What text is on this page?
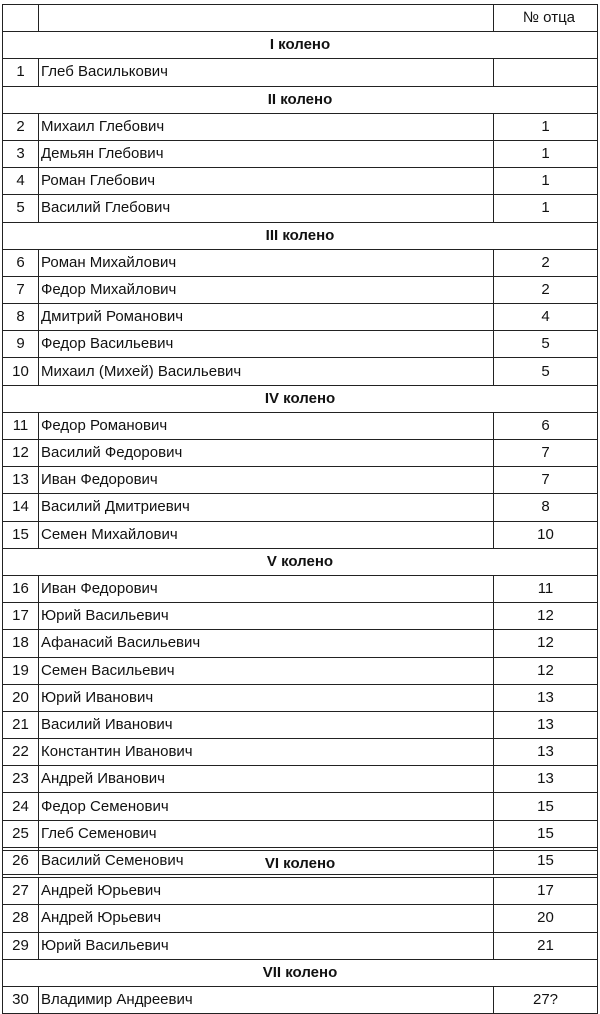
		№ отца
I колено		
1	Глеб Василькович	
II колено		
2	Михаил Глебович	1
3	Демьян Глебович	1
4	Роман Глебович	1
5	Василий Глебович	1
III колено		
6	Роман Михайлович	2
7	Федор Михайлович	2
8	Дмитрий Романович	4
9	Федор Васильевич	5
10	Михаил (Михей) Васильевич	5
IV колено		
11	Федор Романович	6
12	Василий Федорович	7
13	Иван Федорович	7
14	Василий Дмитриевич	8
15	Семен Михайлович	10
V колено		
16	Иван Федорович	11
17	Юрий Васильевич	12
18	Афанасий Васильевич	12
19	Семен Васильевич	12
20	Юрий Иванович	13
21	Василий Иванович	13
22	Константин Иванович	13
23	Андрей Иванович	13
24	Федор Семенович	15
25	Глеб Семенович	15
26	Василий Семенович	15
VI колено		
27	Андрей Юрьевич	17
28	Андрей Юрьевич	20
29	Юрий Васильевич	21
VII колено		
30	Владимир Андреевич	27?
